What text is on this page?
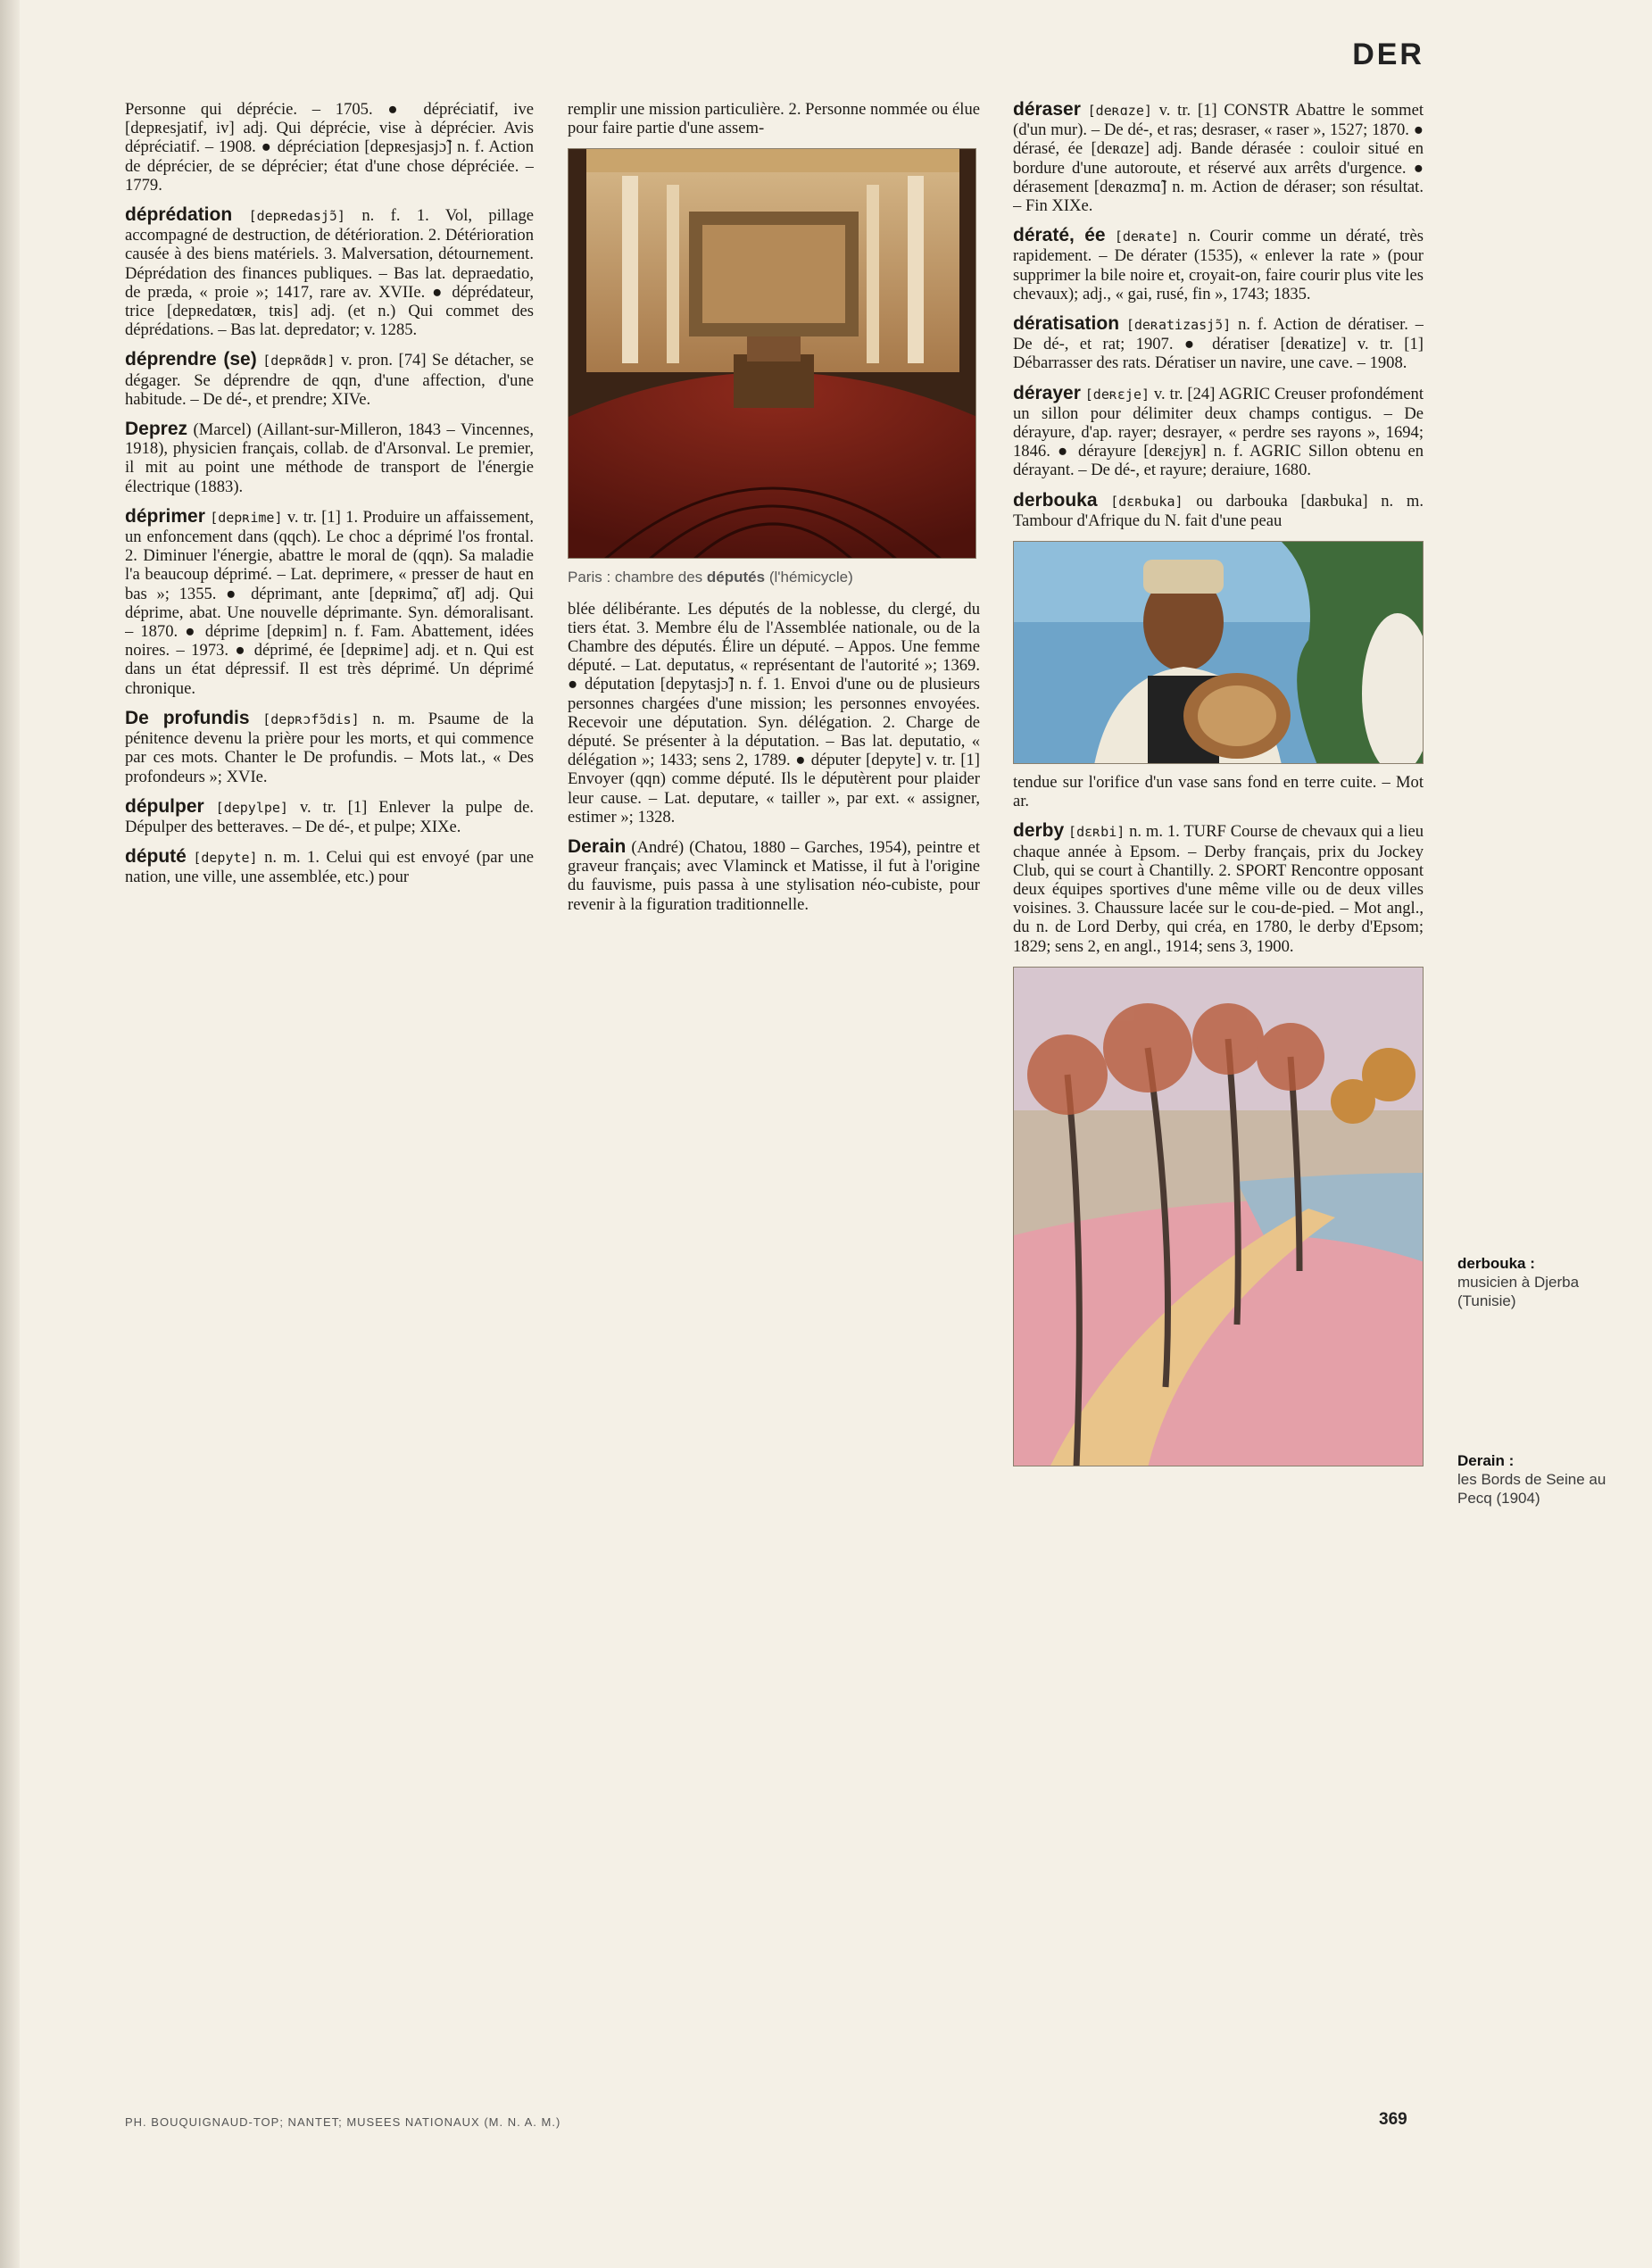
DER
Personne qui déprécie. – 1705. ● dépréciatif, ive [depʀesjatif, iv] adj. Qui déprécie, vise à déprécier. Avis dépréciatif. – 1908. ● dépréciation [depʀesjasjɔ̃] n. f. Action de déprécier, de se déprécier; état d'une chose dépréciée. – 1779.
déprédation [depʀedasjɔ̃] n. f. 1. Vol, pillage accompagné de destruction, de détérioration. 2. Détérioration causée à des biens matériels. 3. Malversation, détournement. Déprédation des finances publiques. – Bas lat. depraedatio, de præda, « proie »; 1417, rare av. XVIIe. ● déprédateur, trice [depʀedatœʀ, tʀis] adj. (et n.) Qui commet des déprédations. – Bas lat. depredator; v. 1285.
déprendre (se) [depʀɑ̃dʀ] v. pron. [74] Se détacher, se dégager. Se déprendre de qqn, d'une affection, d'une habitude. – De dé-, et prendre; XIVe.
Deprez (Marcel) (Aillant-sur-Milleron, 1843 – Vincennes, 1918), physicien français, collab. de d'Arsonval. Le premier, il mit au point une méthode de transport de l'énergie électrique (1883).
déprimer [depʀime] v. tr. [1] 1. Produire un affaissement, un enfoncement dans (qqch). Le choc a déprimé l'os frontal. 2. Diminuer l'énergie, abattre le moral de (qqn). Sa maladie l'a beaucoup déprimé. – Lat. deprimere, « presser de haut en bas »; 1355. ● déprimant, ante [depʀimɑ̃, ɑ̃t] adj. Qui déprime, abat. Une nouvelle déprimante. Syn. démoralisant. – 1870. ● déprime [depʀim] n. f. Fam. Abattement, idées noires. – 1973. ● déprimé, ée [depʀime] adj. et n. Qui est dans un état dépressif. Il est très déprimé. Un déprimé chronique.
De profundis [depʀɔfɔ̃dis] n. m. Psaume de la pénitence devenu la prière pour les morts, et qui commence par ces mots. Chanter le De profundis. – Mots lat., « Des profondeurs »; XVIe.
dépulper [depylpe] v. tr. [1] Enlever la pulpe de. Dépulper des betteraves. – De dé-, et pulpe; XIXe.
député [depyte] n. m. 1. Celui qui est envoyé (par une nation, une ville, une assemblée, etc.) pour
remplir une mission particulière. 2. Personne nommée ou élue pour faire partie d'une assem-
Paris : chambre des députés (l'hémicycle)
blée délibérante. Les députés de la noblesse, du clergé, du tiers état. 3. Membre élu de l'Assemblée nationale, ou de la Chambre des députés. Élire un député. – Appos. Une femme député. – Lat. deputatus, « représentant de l'autorité »; 1369. ● députation [depytasjɔ̃] n. f. 1. Envoi d'une ou de plusieurs personnes chargées d'une mission; les personnes envoyées. Recevoir une députation. Syn. délégation. 2. Charge de député. Se présenter à la députation. – Bas lat. deputatio, « délégation »; 1433; sens 2, 1789. ● députer [depyte] v. tr. [1] Envoyer (qqn) comme député. Ils le députèrent pour plaider leur cause. – Lat. deputare, « tailler », par ext. « assigner, estimer »; 1328.
Derain (André) (Chatou, 1880 – Garches, 1954), peintre et graveur français; avec Vlaminck et Matisse, il fut à l'origine du fauvisme, puis passa à une stylisation néo-cubiste, pour revenir à la figuration traditionnelle.
déraser [deʀɑze] v. tr. [1] CONSTR Abattre le sommet (d'un mur). – De dé-, et ras; desraser, « raser », 1527; 1870. ● dérasé, ée [deʀɑze] adj. Bande dérasée : couloir situé en bordure d'une autoroute, et réservé aux arrêts d'urgence. ● dérasement [deʀɑzmɑ̃] n. m. Action de déraser; son résultat. – Fin XIXe.
dératé, ée [deʀate] n. Courir comme un dératé, très rapidement. – De dérater (1535), « enlever la rate » (pour supprimer la bile noire et, croyait-on, faire courir plus vite les chevaux); adj., « gai, rusé, fin », 1743; 1835.
dératisation [deʀatizasjɔ̃] n. f. Action de dératiser. – De dé-, et rat; 1907. ● dératiser [deʀatize] v. tr. [1] Débarrasser des rats. Dératiser un navire, une cave. – 1908.
dérayer [deʀɛje] v. tr. [24] AGRIC Creuser profondément un sillon pour délimiter deux champs contigus. – De dérayure, d'ap. rayer; desrayer, « perdre ses rayons », 1694; 1846. ● dérayure [deʀɛjyʀ] n. f. AGRIC Sillon obtenu en dérayant. – De dé-, et rayure; deraiure, 1680.
derbouka [dɛʀbuka] ou darbouka [daʀbuka] n. m. Tambour d'Afrique du N. fait d'une peau
tendue sur l'orifice d'un vase sans fond en terre cuite. – Mot ar.
derby [dɛʀbi] n. m. 1. TURF Course de chevaux qui a lieu chaque année à Epsom. – Derby français, prix du Jockey Club, qui se court à Chantilly. 2. SPORT Rencontre opposant deux équipes sportives d'une même ville ou de deux villes voisines. 3. Chaussure lacée sur le cou-de-pied. – Mot angl., du n. de Lord Derby, qui créa, en 1780, le derby d'Epsom; 1829; sens 2, en angl., 1914; sens 3, 1900.
derbouka :
musicien à Djerba (Tunisie)
Derain :
les Bords de Seine au Pecq (1904)
PH. BOUQUIGNAUD-TOP; NANTET; MUSEES NATIONAUX (M. N. A. M.)	369
